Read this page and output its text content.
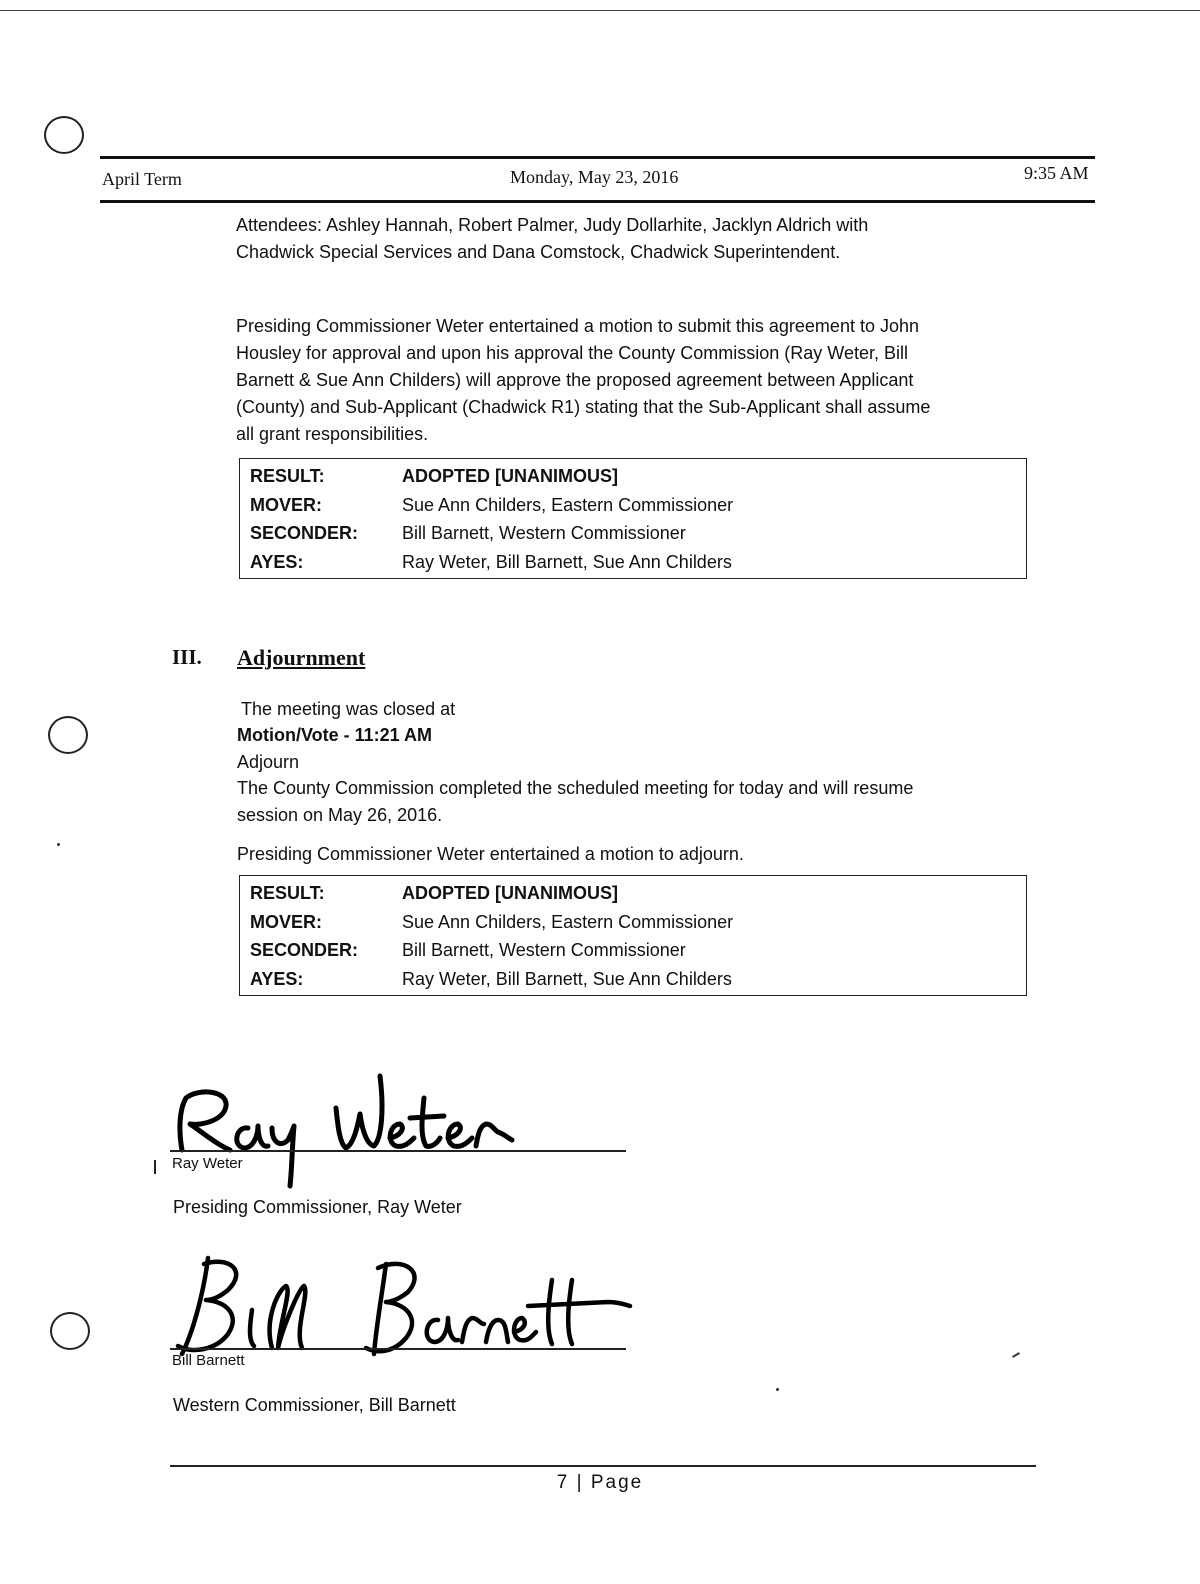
April Term	Monday, May 23, 2016	9:35 AM
Attendees: Ashley Hannah, Robert Palmer, Judy Dollarhite, Jacklyn Aldrich with
Chadwick Special Services and Dana Comstock, Chadwick Superintendent.
Presiding Commissioner Weter entertained a motion to submit this agreement to John
Housley for approval and upon his approval the County Commission (Ray Weter, Bill
Barnett & Sue Ann Childers) will approve the proposed agreement between Applicant
(County) and Sub-Applicant (Chadwick R1) stating that the Sub-Applicant shall assume
all grant responsibilities.
RESULT:	ADOPTED [UNANIMOUS]
MOVER:	Sue Ann Childers, Eastern Commissioner
SECONDER:	Bill Barnett, Western Commissioner
AYES:	Ray Weter, Bill Barnett, Sue Ann Childers
III. Adjournment
The meeting was closed at
Motion/Vote - 11:21 AM
Adjourn
The County Commission completed the scheduled meeting for today and will resume
session on May 26, 2016.
Presiding Commissioner Weter entertained a motion to adjourn.
RESULT:	ADOPTED [UNANIMOUS]
MOVER:	Sue Ann Childers, Eastern Commissioner
SECONDER:	Bill Barnett, Western Commissioner
AYES:	Ray Weter, Bill Barnett, Sue Ann Childers
Ray Weter
Presiding Commissioner, Ray Weter
Bill Barnett
Western Commissioner, Bill Barnett
7 | Page
